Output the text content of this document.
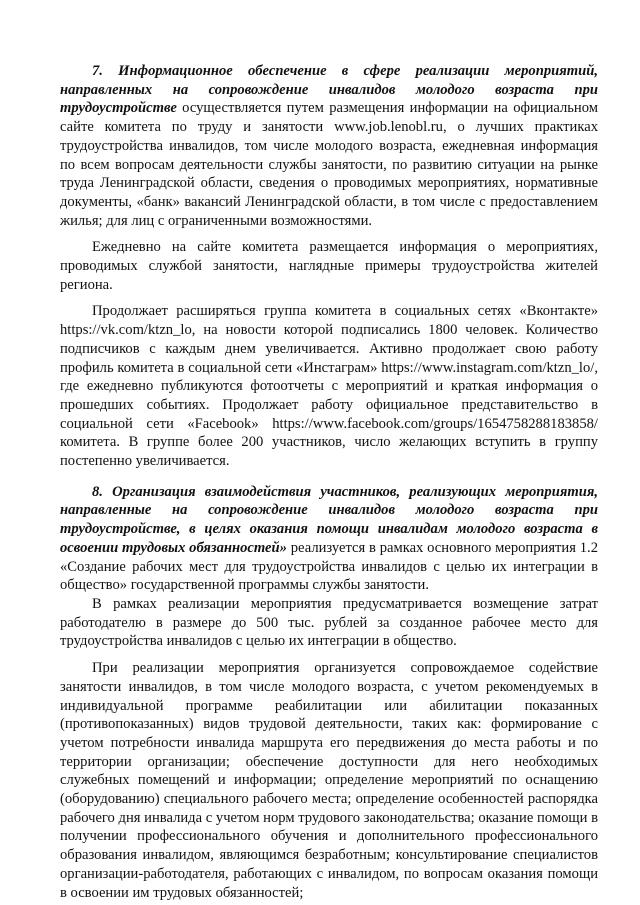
7. Информационное обеспечение в сфере реализации мероприятий, направленных на сопровождение инвалидов молодого возраста при трудоустройстве осуществляется путем размещения информации на официальном сайте комитета по труду и занятости www.job.lenobl.ru, о лучших практиках трудоустройства инвалидов, том числе молодого возраста, ежедневная информация по всем вопросам деятельности службы занятости, по развитию ситуации на рынке труда Ленинградской области, сведения о проводимых мероприятиях, нормативные документы, «банк» вакансий Ленинградской области, в том числе с предоставлением жилья; для лиц с ограниченными возможностями.

Ежедневно на сайте комитета размещается информация о мероприятиях, проводимых службой занятости, наглядные примеры трудоустройства жителей региона.

Продолжает расширяться группа комитета в социальных сетях «Вконтакте» https://vk.com/ktzn_lo, на новости которой подписались 1800 человек. Количество подписчиков с каждым днем увеличивается. Активно продолжает свою работу профиль комитета в социальной сети «Инстаграм» https://www.instagram.com/ktzn_lo/, где ежедневно публикуются фотоотчеты с мероприятий и краткая информация о прошедших событиях. Продолжает работу официальное представительство в социальной сети «Facebook» https://www.facebook.com/groups/1654758288183858/комитета. В группе более 200 участников, число желающих вступить в группу постепенно увеличивается.

8. Организация взаимодействия участников, реализующих мероприятия, направленные на сопровождение инвалидов молодого возраста при трудоустройстве, в целях оказания помощи инвалидам молодого возраста в освоении трудовых обязанностей» реализуется в рамках основного мероприятия 1.2 «Создание рабочих мест для трудоустройства инвалидов с целью их интеграции в общество» государственной программы службы занятости.

В рамках реализации мероприятия предусматривается возмещение затрат работодателю в размере до 500 тыс. рублей за созданное рабочее место для трудоустройства инвалидов с целью их интеграции в общество.

При реализации мероприятия организуется сопровождаемое содействие занятости инвалидов, в том числе молодого возраста, с учетом рекомендуемых в индивидуальной программе реабилитации или абилитации показанных (противопоказанных) видов трудовой деятельности, таких как: формирование с учетом потребности инвалида маршрута его передвижения до места работы и по территории организации; обеспечение доступности для него необходимых служебных помещений и информации; определение мероприятий по оснащению (оборудованию) специального рабочего места; определение особенностей распорядка рабочего дня инвалида с учетом норм трудового законодательства; оказание помощи в получении профессионального обучения и дополнительного профессионального образования инвалидом, являющимся безработным; консультирование специалистов организации-работодателя, работающих с инвалидом, по вопросам оказания помощи в освоении им трудовых обязанностей;
